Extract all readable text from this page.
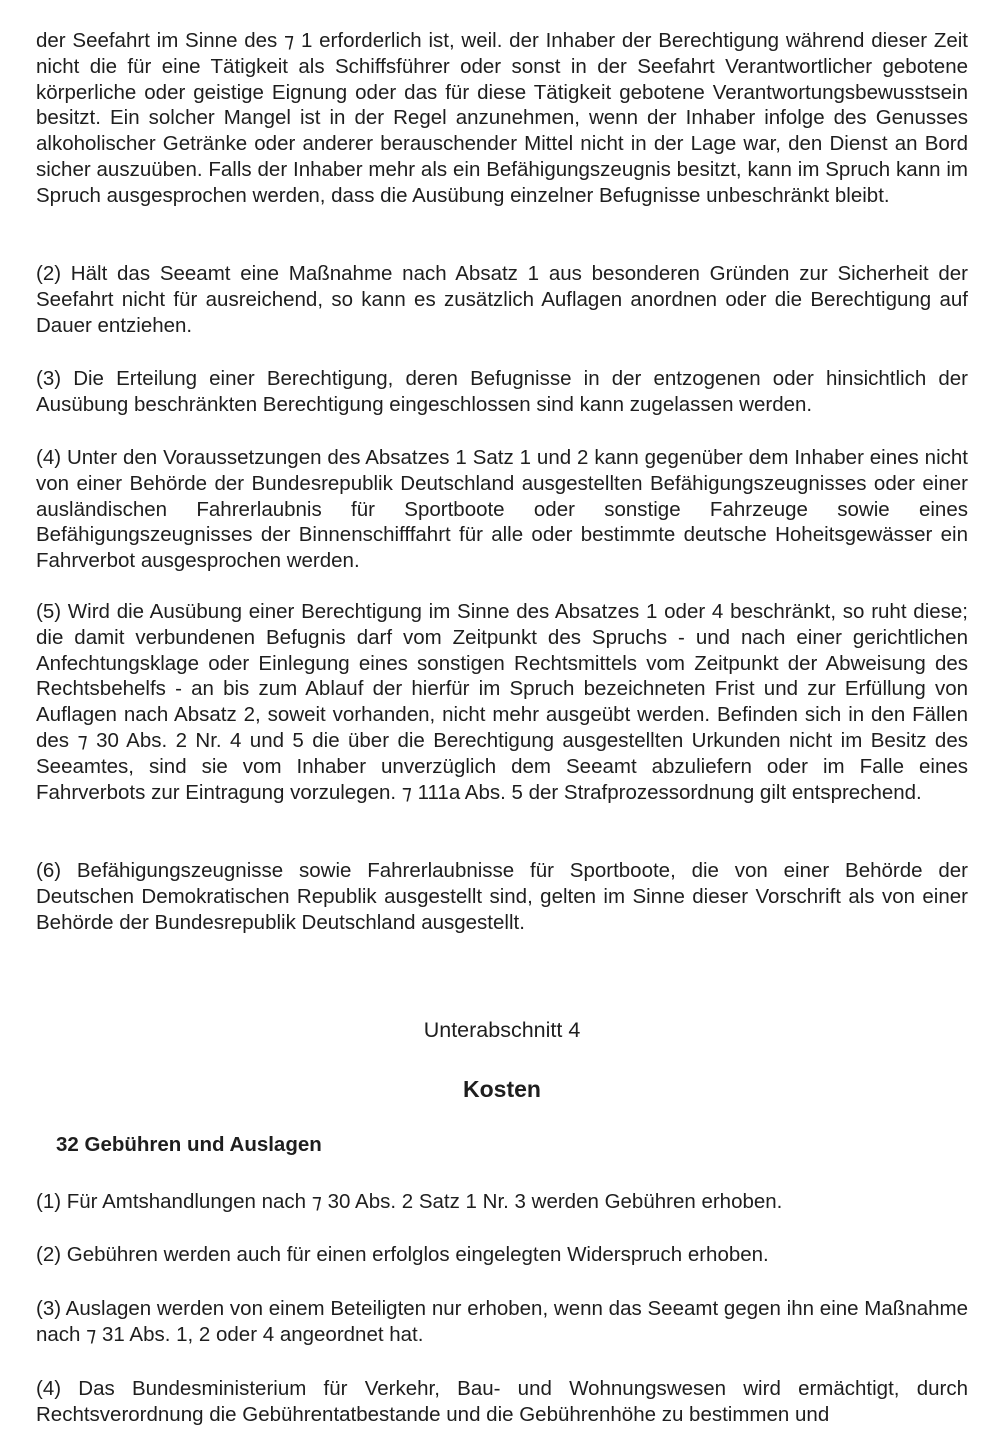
der Seefahrt im Sinne des ⁊ 1 erforderlich ist, weil. der Inhaber der Berechtigung während dieser Zeit nicht die für eine Tätigkeit als Schiffsführer oder sonst in der Seefahrt Verantwortlicher gebotene körperliche oder geistige Eignung oder das für diese Tätigkeit gebotene Verantwortungsbewusstsein besitzt. Ein solcher Mangel ist in der Regel anzunehmen, wenn der Inhaber infolge des Genusses alkoholischer Getränke oder anderer berauschender Mittel nicht in der Lage war, den Dienst an Bord sicher auszuüben. Falls der Inhaber mehr als ein Befähigungszeugnis besitzt, kann im Spruch kann im Spruch ausgesprochen werden, dass die Ausübung einzelner Befugnisse unbeschränkt bleibt.

(2) Hält das Seeamt eine Maßnahme nach Absatz 1 aus besonderen Gründen zur Sicherheit der Seefahrt nicht für ausreichend, so kann es zusätzlich Auflagen anordnen oder die Berechtigung auf Dauer entziehen.

(3) Die Erteilung einer Berechtigung, deren Befugnisse in der entzogenen oder hinsichtlich der Ausübung beschränkten Berechtigung eingeschlossen sind kann zugelassen werden.

(4) Unter den Voraussetzungen des Absatzes 1 Satz 1 und 2 kann gegenüber dem Inhaber eines nicht von einer Behörde der Bundesrepublik Deutschland ausgestellten Befähigungszeugnisses oder einer ausländischen Fahrerlaubnis für Sportboote oder sonstige Fahrzeuge sowie eines Befähigungszeugnisses der Binnenschifffahrt für alle oder bestimmte deutsche Hoheitsgewässer ein Fahrverbot ausgesprochen werden.

(5) Wird die Ausübung einer Berechtigung im Sinne des Absatzes 1 oder 4 beschränkt, so ruht diese; die damit verbundenen Befugnis darf vom Zeitpunkt des Spruchs - und nach einer gerichtlichen Anfechtungsklage oder Einlegung eines sonstigen Rechtsmittels vom Zeitpunkt der Abweisung des Rechtsbehelfs - an bis zum Ablauf der hierfür im Spruch bezeichneten Frist und zur Erfüllung von Auflagen nach Absatz 2, soweit vorhanden, nicht mehr ausgeübt werden. Befinden sich in den Fällen des ⁊ 30 Abs. 2 Nr. 4 und 5 die über die Berechtigung ausgestellten Urkunden nicht im Besitz des Seeamtes, sind sie vom Inhaber unverzüglich dem Seeamt abzuliefern oder im Falle eines Fahrverbots zur Eintragung vorzulegen. ⁊ 111a Abs. 5 der Strafprozessordnung gilt entsprechend.

(6) Befähigungszeugnisse sowie Fahrerlaubnisse für Sportboote, die von einer Behörde der Deutschen Demokratischen Republik ausgestellt sind, gelten im Sinne dieser Vorschrift als von einer Behörde der Bundesrepublik Deutschland ausgestellt.

Unterabschnitt 4
Kosten
32 Gebühren und Auslagen

(1) Für Amtshandlungen nach ⁊ 30 Abs. 2 Satz 1 Nr. 3 werden Gebühren erhoben.

(2) Gebühren werden auch für einen erfolglos eingelegten Widerspruch erhoben.

(3) Auslagen werden von einem Beteiligten nur erhoben, wenn das Seeamt gegen ihn eine Maßnahme nach ⁊ 31 Abs. 1, 2 oder 4 angeordnet hat.

(4) Das Bundesministerium für Verkehr, Bau- und Wohnungswesen wird ermächtigt, durch Rechtsverordnung die Gebührentatbestande und die Gebührenhöhe zu bestimmen und
